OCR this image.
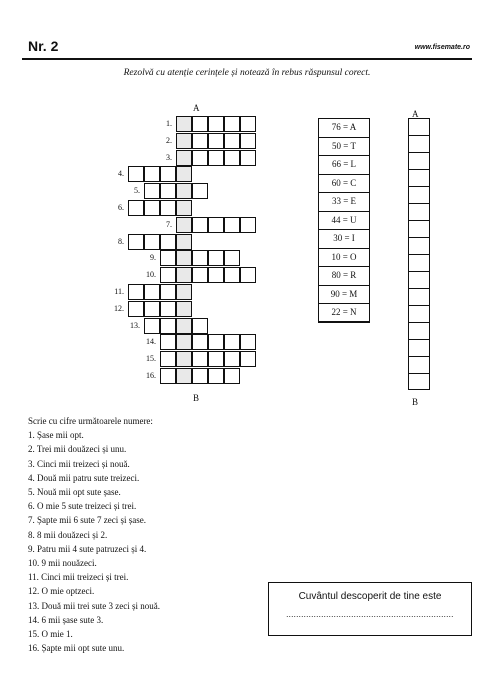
Nr. 2	www.fisemate.ro
Rezolvă cu atenție cerințele și notează în rebus răspunsul corect.
A
B
1.
2.
3.
4.
5.
6.
7.
8.
9.
10.
11.
12.
13.
14.
15.
16.
76 = A
50 = T
66 = L
60 = C
33 = E
44 = U
30 = I
10 = O
80 = R
90 = M
22 = N
A
B
Scrie cu cifre următoarele numere:
1. Șase mii opt.
2. Trei mii douăzeci și unu.
3. Cinci mii treizeci și nouă.
4. Două mii patru sute treizeci.
5. Nouă mii opt sute șase.
6. O mie 5 sute treizeci și trei.
7. Șapte mii 6 sute 7 zeci și șase.
8. 8 mii douăzeci și 2.
9. Patru mii 4 sute patruzeci și 4.
10. 9 mii nouăzeci.
11. Cinci mii treizeci și trei.
12. O mie optzeci.
13. Două mii trei sute 3 zeci și nouă.
14. 6 mii șase sute 3.
15. O mie 1.
16. Șapte mii opt sute unu.
Cuvântul descoperit de tine este
...................................................................
